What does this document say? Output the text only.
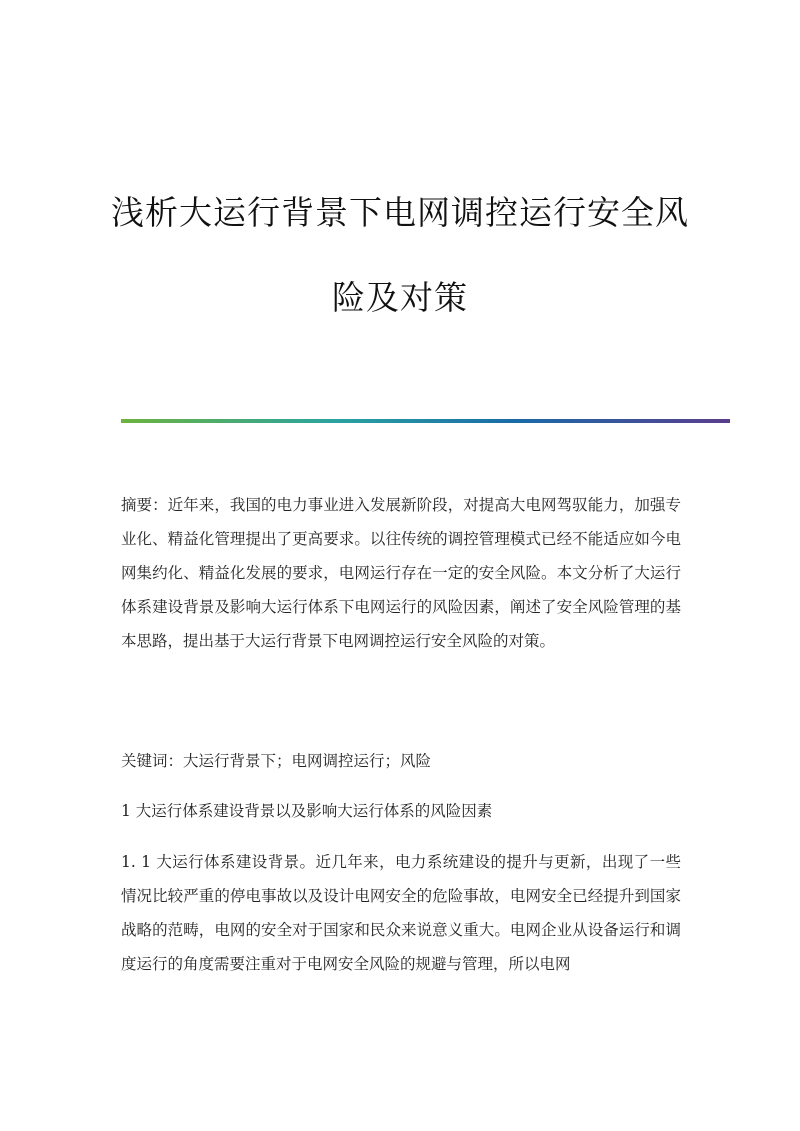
浅析大运行背景下电网调控运行安全风
险及对策

摘要：近年来，我国的电力事业进入发展新阶段，对提高大电网驾驭能力，加强专业化、精益化管理提出了更高要求。以往传统的调控管理模式已经不能适应如今电网集约化、精益化发展的要求，电网运行存在一定的安全风险。本文分析了大运行体系建设背景及影响大运行体系下电网运行的风险因素，阐述了安全风险管理的基本思路，提出基于大运行背景下电网调控运行安全风险的对策。

关键词：大运行背景下；电网调控运行；风险

1 大运行体系建设背景以及影响大运行体系的风险因素

1. 1 大运行体系建设背景。近几年来，电力系统建设的提升与更新，出现了一些情况比较严重的停电事故以及设计电网安全的危险事故，电网安全已经提升到国家战略的范畴，电网的安全对于国家和民众来说意义重大。电网企业从设备运行和调度运行的角度需要注重对于电网安全风险的规避与管理，所以电网
